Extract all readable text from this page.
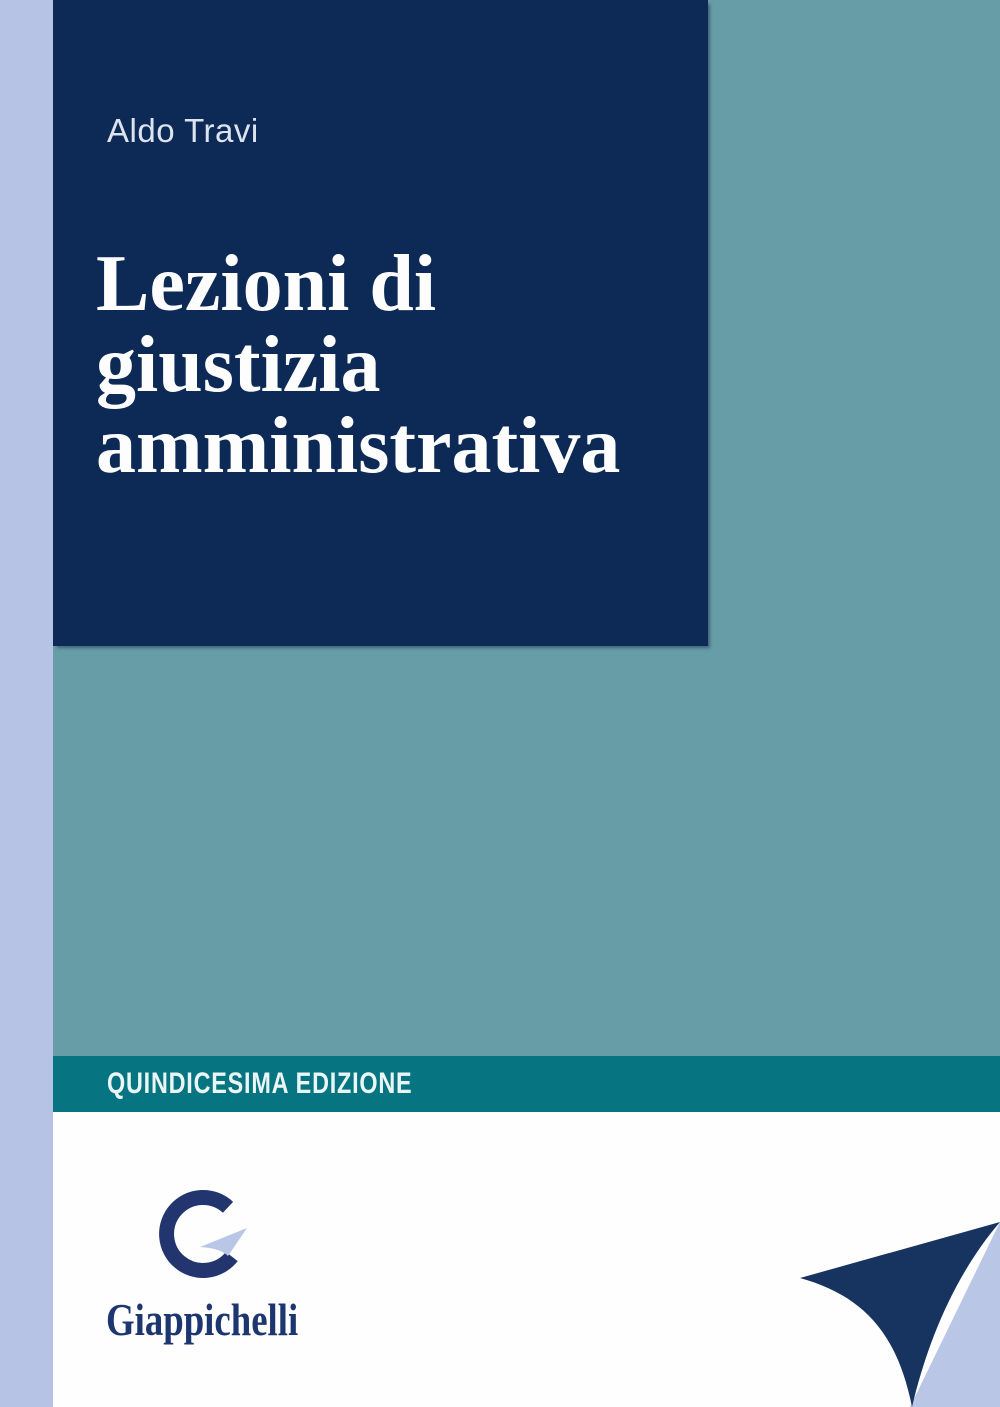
Aldo Travi
Lezioni di
giustizia
amministrativa
QUINDICESIMA EDIZIONE
Giappichelli
